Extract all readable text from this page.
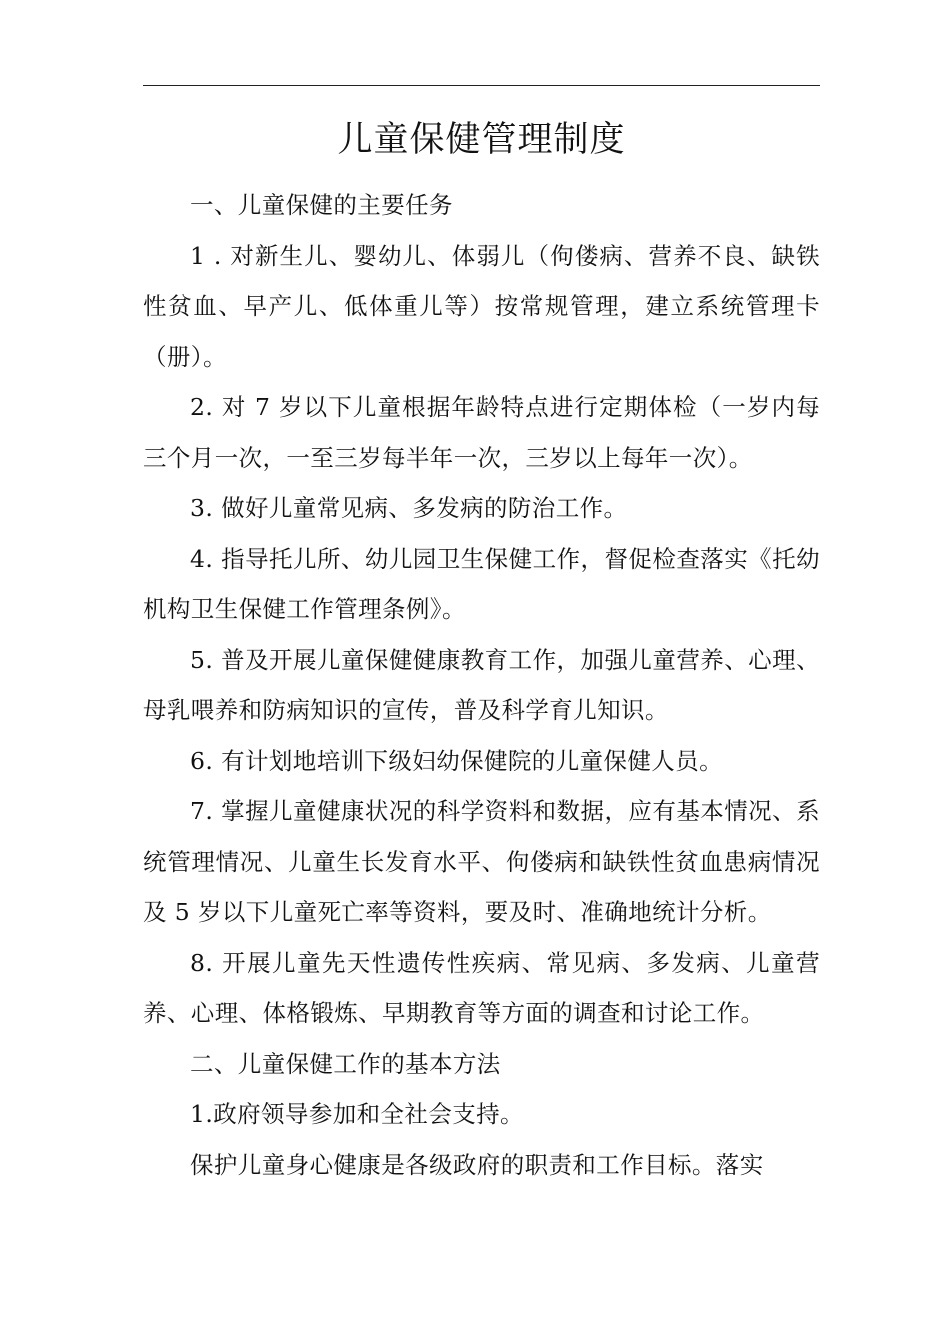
儿童保健管理制度

一、儿童保健的主要任务

1 . 对新生儿、婴幼儿、体弱儿（佝偻病、营养不良、缺铁性贫血、早产儿、低体重儿等）按常规管理，建立系统管理卡（册）。

2. 对 7 岁以下儿童根据年龄特点进行定期体检（一岁内每三个月一次，一至三岁每半年一次，三岁以上每年一次）。

3. 做好儿童常见病、多发病的防治工作。

4. 指导托儿所、幼儿园卫生保健工作，督促检查落实《托幼机构卫生保健工作管理条例》。

5. 普及开展儿童保健健康教育工作，加强儿童营养、心理、母乳喂养和防病知识的宣传，普及科学育儿知识。

6. 有计划地培训下级妇幼保健院的儿童保健人员。

7. 掌握儿童健康状况的科学资料和数据，应有基本情况、系统管理情况、儿童生长发育水平、佝偻病和缺铁性贫血患病情况及 5 岁以下儿童死亡率等资料，要及时、准确地统计分析。

8. 开展儿童先天性遗传性疾病、常见病、多发病、儿童营养、心理、体格锻炼、早期教育等方面的调查和讨论工作。

二、儿童保健工作的基本方法

1.政府领导参加和全社会支持。

保护儿童身心健康是各级政府的职责和工作目标。落实
